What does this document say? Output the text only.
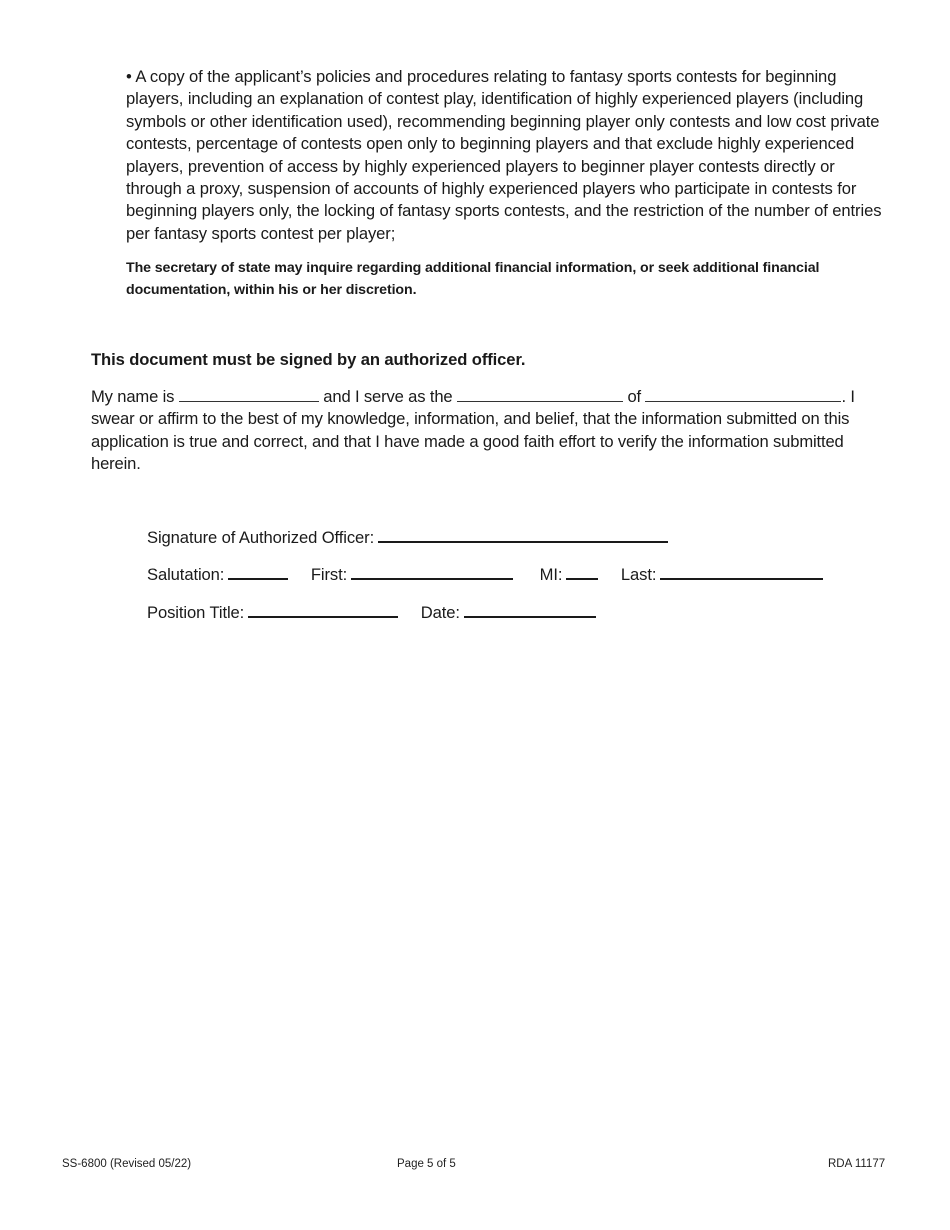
• A copy of the applicant’s policies and procedures relating to fantasy sports contests for beginning players, including an explanation of contest play, identification of highly experienced players (including symbols or other identification used), recommending beginning player only contests and low cost private contests, percentage of contests open only to beginning players and that exclude highly experienced players, prevention of access by highly experienced players to beginner player contests directly or through a proxy, suspension of accounts of highly experienced players who participate in contests for beginning players only, the locking of fantasy sports contests, and the restriction of the number of entries per fantasy sports contest per player;
The secretary of state may inquire regarding additional financial information, or seek additional financial documentation, within his or her discretion.
This document must be signed by an authorized officer.
My name is	and I serve as the	of	. I swear or affirm to the best of my knowledge, information, and belief, that the information submitted on this application is true and correct, and that I have made a good faith effort to verify the information submitted herein.
Signature of Authorized Officer:
Salutation:	First:	MI:	Last:
Position Title:	Date:
SS-6800 (Revised 05/22)	Page 5 of 5	RDA 11177
